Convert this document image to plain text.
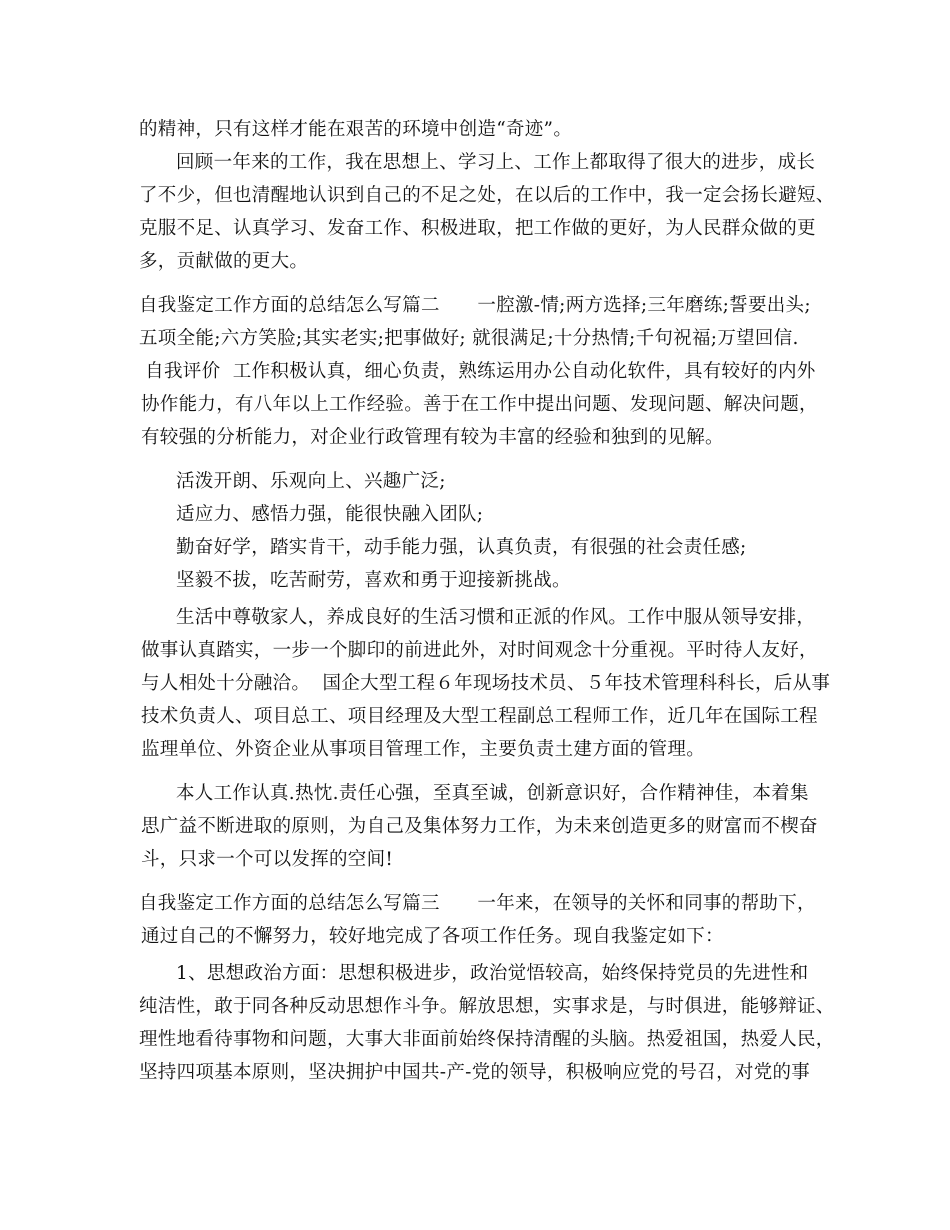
的精神，只有这样才能在艰苦的环境中创造“奇迹”。
回顾一年来的工作，我在思想上、学习上、工作上都取得了很大的进步，成长
了不少，但也清醒地认识到自己的不足之处，在以后的工作中，我一定会扬长避短、
克服不足、认真学习、发奋工作、积极进取，把工作做的更好，为人民群众做的更
多，贡献做的更大。
自我鉴定工作方面的总结怎么写篇二　　一腔激-情;两方选择;三年磨练;誓要出头;
五项全能;六方笑脸;其实老实;把事做好; 就很满足;十分热情;千句祝福;万望回信.
自我评价  工作积极认真，细心负责，熟练运用办公自动化软件，具有较好的内外
协作能力，有八年以上工作经验。善于在工作中提出问题、发现问题、解决问题，
有较强的分析能力，对企业行政管理有较为丰富的经验和独到的见解。
活泼开朗、乐观向上、兴趣广泛;
适应力、感悟力强，能很快融入团队;
勤奋好学，踏实肯干，动手能力强，认真负责，有很强的社会责任感;
坚毅不拔，吃苦耐劳，喜欢和勇于迎接新挑战。
生活中尊敬家人，养成良好的生活习惯和正派的作风。工作中服从领导安排，
做事认真踏实，一步一个脚印的前进此外，对时间观念十分重视。平时待人友好，
与人相处十分融洽。  国企大型工程６年现场技术员、５年技术管理科科长，后从事
技术负责人、项目总工、项目经理及大型工程副总工程师工作，近几年在国际工程
监理单位、外资企业从事项目管理工作，主要负责土建方面的管理。
本人工作认真.热忱.责任心强，至真至诚，创新意识好，合作精神佳，本着集
思广益不断进取的原则，为自己及集体努力工作，为未来创造更多的财富而不楔奋
斗，只求一个可以发挥的空间!
自我鉴定工作方面的总结怎么写篇三　　一年来，在领导的关怀和同事的帮助下，
通过自己的不懈努力，较好地完成了各项工作任务。现自我鉴定如下：
1、思想政治方面：思想积极进步，政治觉悟较高，始终保持党员的先进性和
纯洁性，敢于同各种反动思想作斗争。解放思想，实事求是，与时俱进，能够辩证、
理性地看待事物和问题，大事大非面前始终保持清醒的头脑。热爱祖国，热爱人民，
坚持四项基本原则，坚决拥护中国共-产-党的领导，积极响应党的号召，对党的事
